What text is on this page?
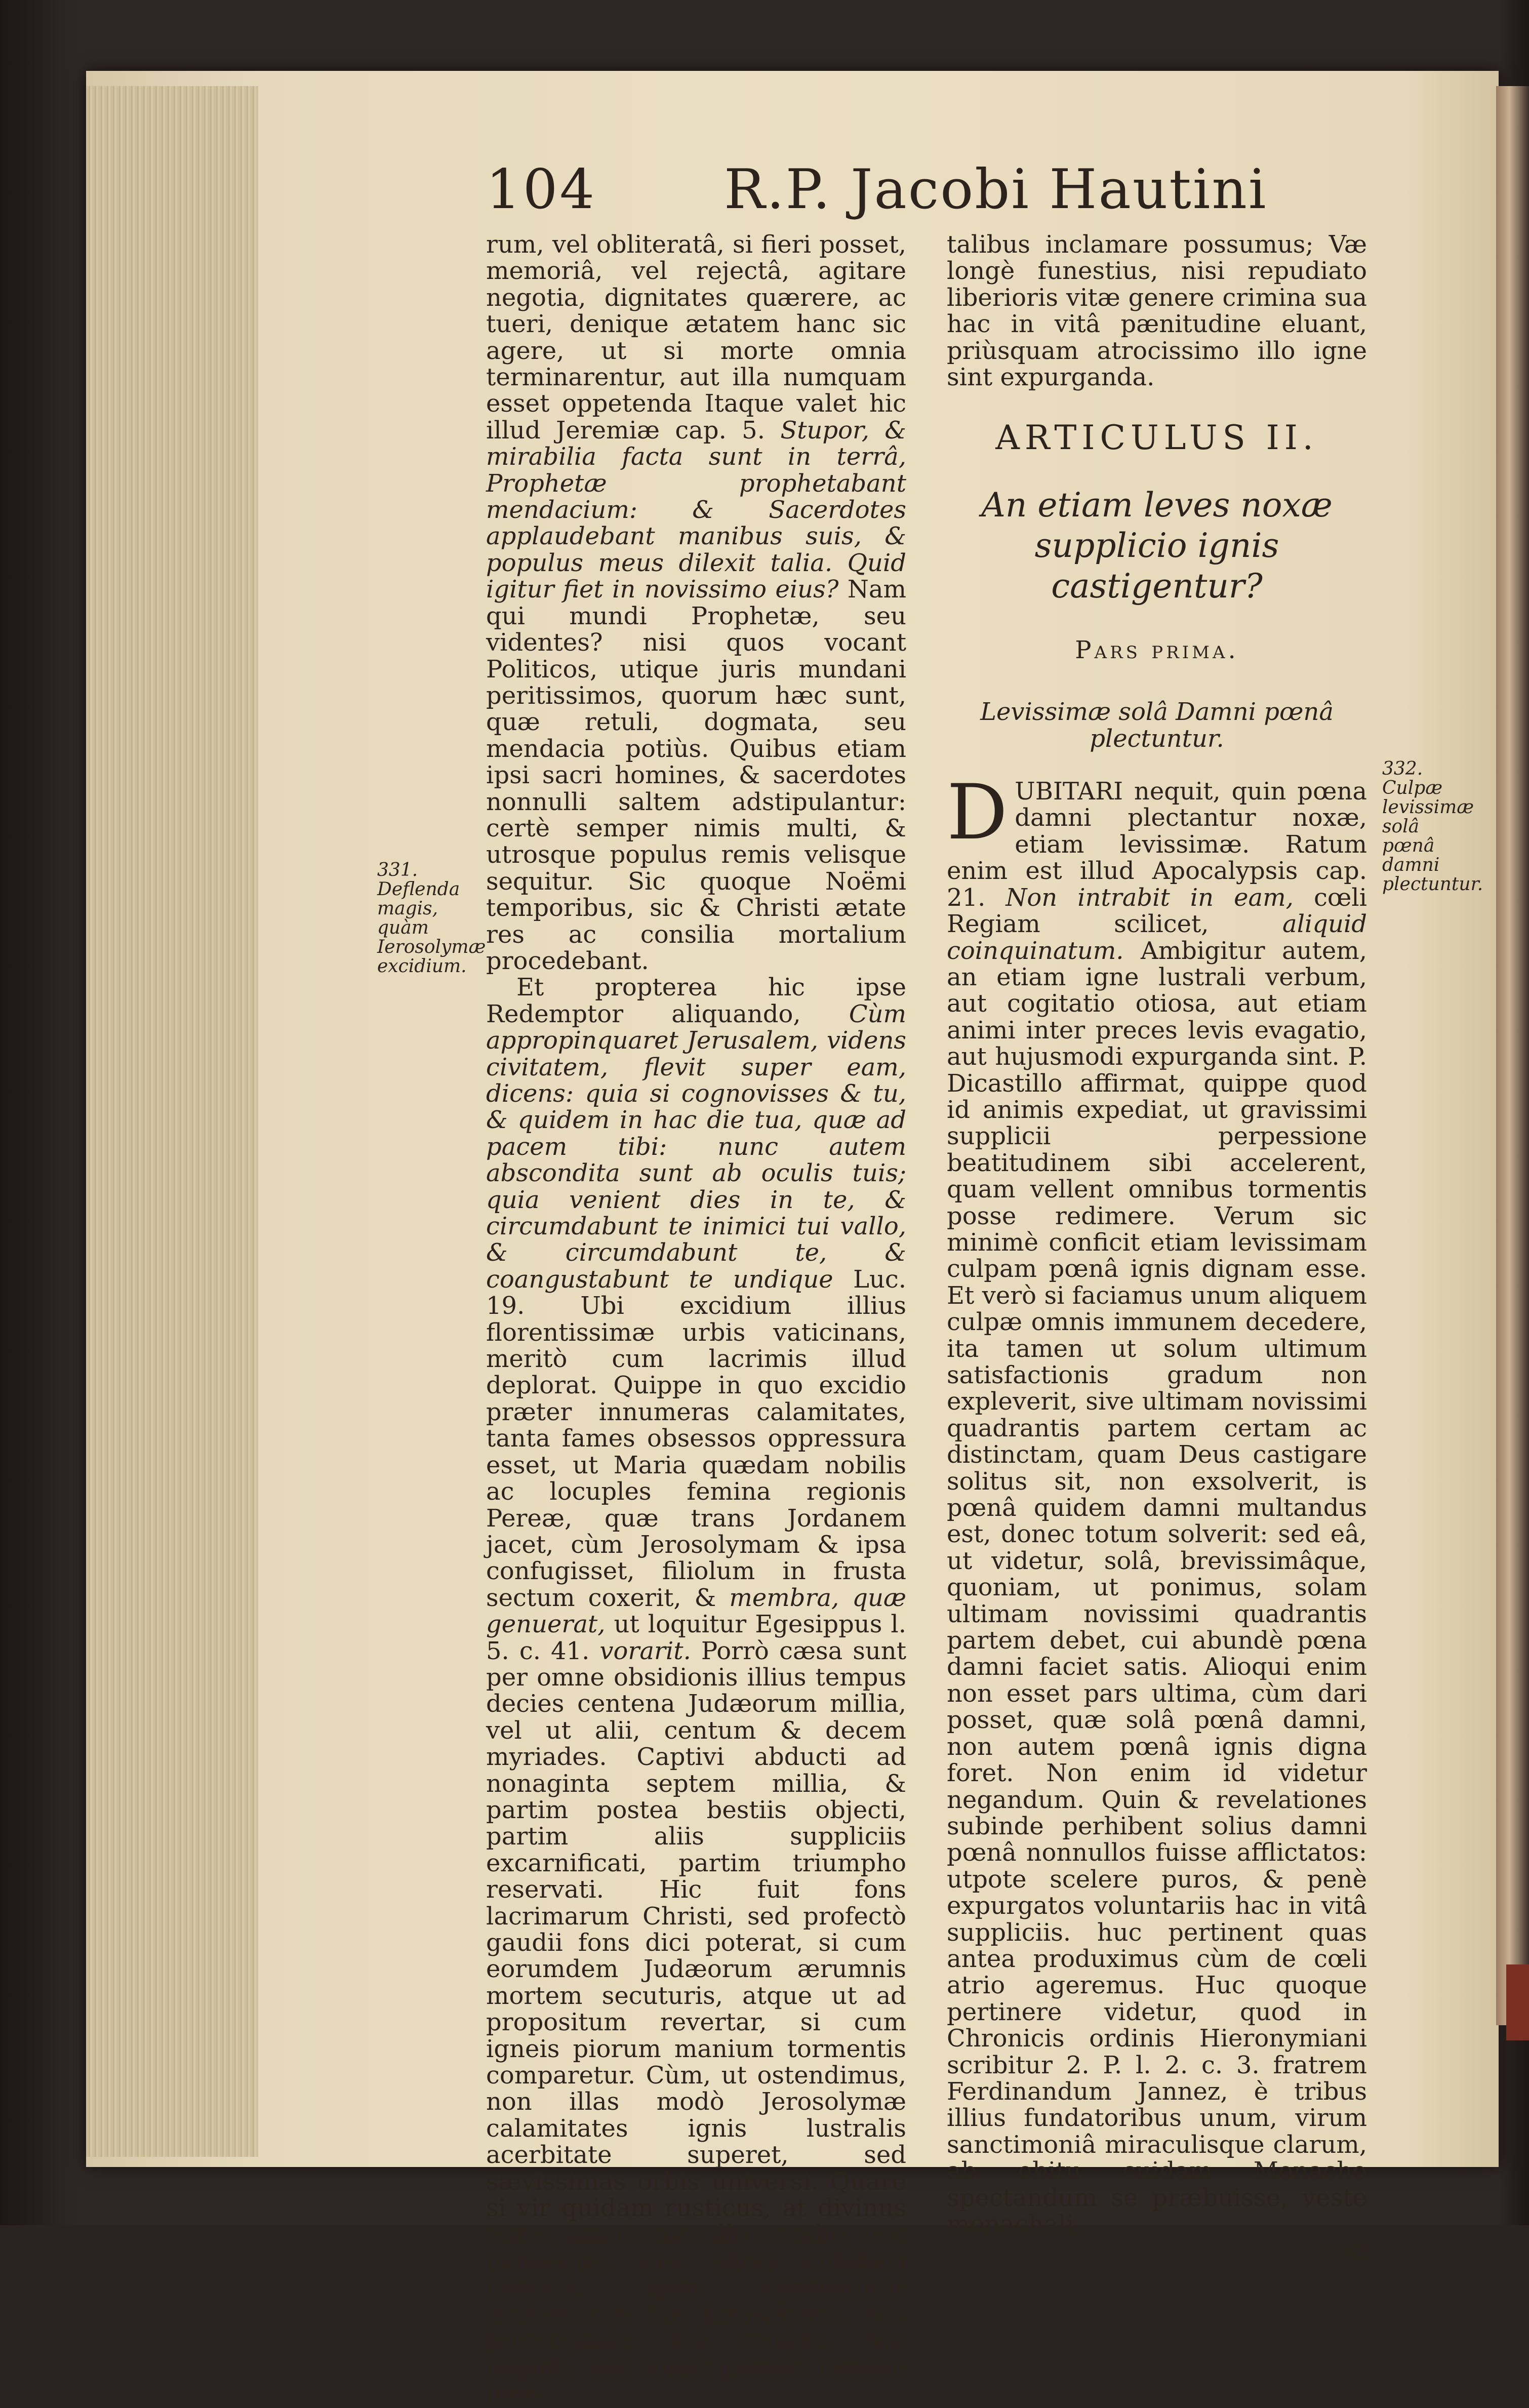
104 R.P. Jacobi Hautini

rum, vel obliteratâ, si fieri posset, memoriâ, vel rejectâ, agitare negotia, dignitates quærere, ac tueri, denique ætatem hanc sic agere, ut si morte omnia terminarentur, aut illa numquam esset oppetenda Itaque valet hic illud Jeremiæ cap. 5. Stupor, & mirabilia facta sunt in terrâ, Prophetæ prophetabant mendacium: & Sacerdotes applaudebant manibus suis, & populus meus dilexit talia. Quid igitur fiet in novissimo eius? Nam qui mundi Prophetæ, seu videntes? nisi quos vocant Politicos, utique juris mundani peritissimos, quorum hæc sunt, quæ retuli, dogmata, seu mendacia potiùs. Quibus etiam ipsi sacri homines, & sacerdotes nonnulli saltem adstipulantur: certè semper nimis multi, & utrosque populus remis velisque sequitur. Sic quoque Noëmi temporibus, sic & Christi ætate res ac consilia mortalium procedebant.

Et propterea hic ipse Redemptor aliquando, Cùm appropinquaret Jerusalem, videns civitatem, flevit super eam, dicens: quia si cognovisses & tu, & quidem in hac die tua, quæ ad pacem tibi: nunc autem abscondita sunt ab oculis tuis; quia venient dies in te, & circumdabunt te inimici tui vallo, & circumdabunt te, & coangustabunt te undique Luc. 19. Ubi excidium illius florentissimæ urbis vaticinans, meritò cum lacrimis illud deplorat. Quippe in quo excidio præter innumeras calamitates, tanta fames obsessos oppressura esset, ut Maria quædam nobilis ac locuples femina regionis Pereæ, quæ trans Jordanem jacet, cùm Jerosolymam & ipsa confugisset, filiolum in frusta sectum coxerit, & membra, quæ genuerat, ut loquitur Egesippus l. 5. c. 41. vorarit. Porrò cæsa sunt per omne obsidionis illius tempus decies centena Judæorum millia, vel ut alii, centum & decem myriades. Captivi abducti ad nonaginta septem millia, & partim postea bestiis objecti, partim aliis suppliciis excarnificati, partim triumpho reservati. Hic fuit fons lacrimarum Christi, sed profectò gaudii fons dici poterat, si cum eorumdem Judæorum ærumnis mortem secuturis, atque ut ad propositum revertar, si cum igneis piorum manium tormentis comparetur. Cùm, ut ostendimus, non illas modò Jerosolymæ calamitates ignis lustralis acerbitate superet, sed sævissimas orbis universi. Quare si vir quidam rusticus, at divinus Vates, imminente illo excidio, nec tormentis, nec aliter cohiberi poterat, quin continenter exclamaret; Væ Jerosolymis, Væ Jerosolymis; Væ templo, Væ populo; nos longè potiori ratione mor-

talibus inclamare possumus; Væ longè funestius, nisi repudiato liberioris vitæ genere crimina sua hac in vitâ pænitudine eluant, priùsquam atrocissimo illo igne sint expurganda.

ARTICULUS II.
An etiam leves noxæ supplicio ignis castigentur?
Pars prima.
Levissimæ solâ Damni pœnâ plectuntur.

D UBITARI nequit, quin pœna damni plectantur noxæ, etiam levissimæ. Ratum enim est illud Apocalypsis cap. 21. Non intrabit in eam, cœli Regiam scilicet,	aliquid coinquinatum. Ambigitur autem, an etiam igne lustrali verbum, aut cogitatio otiosa, aut etiam animi inter preces levis evagatio, aut hujusmodi expurganda sint. P. Dicastillo affirmat, quippe quod id animis expediat, ut gravissimi supplicii perpessione beatitudinem sibi accelerent, quam vellent omnibus tormentis posse redimere. Verum sic minimè conficit etiam levissimam culpam pœnâ ignis dignam esse. Et verò si faciamus unum aliquem culpæ omnis immunem decedere, ita tamen ut solum ultimum satisfactionis gradum non expleverit, sive ultimam novissimi quadrantis partem certam ac distinctam, quam Deus castigare solitus sit, non exsolverit, is pœnâ quidem damni multandus est, donec totum solverit: sed eâ, ut videtur, solâ, brevissimâque, quoniam, ut ponimus, solam ultimam novissimi quadrantis partem debet, cui abundè pœna damni faciet satis. Alioqui enim non esset pars ultima, cùm dari posset, quæ solâ pœnâ damni, non autem pœnâ ignis digna foret. Non enim id videtur negandum. Quin & revelationes subinde perhibent solius damni pœnâ nonnullos fuisse afflictatos: utpote scelere puros, & penè expurgatos voluntariis hac in vitâ suppliciis. huc pertinent quas antea produximus cùm de cœli atrio ageremus. Huc quoque pertinere videtur, quod in Chronicis ordinis Hieronymiani scribitur 2. P. l. 2. c. 3. fratrem Ferdinandum Jannez, è tribus illius fundatoribus unum, virum sanctimoniâ miraculisque clarum, ab obitu cuidam Monacho spectandum se præbuisse, veste monachali,

sed

331.
Deflenda magis, quàm Ierosolymæ excidium.
332.
Culpæ levissimæ solâ pœnâ damni plectuntur.
